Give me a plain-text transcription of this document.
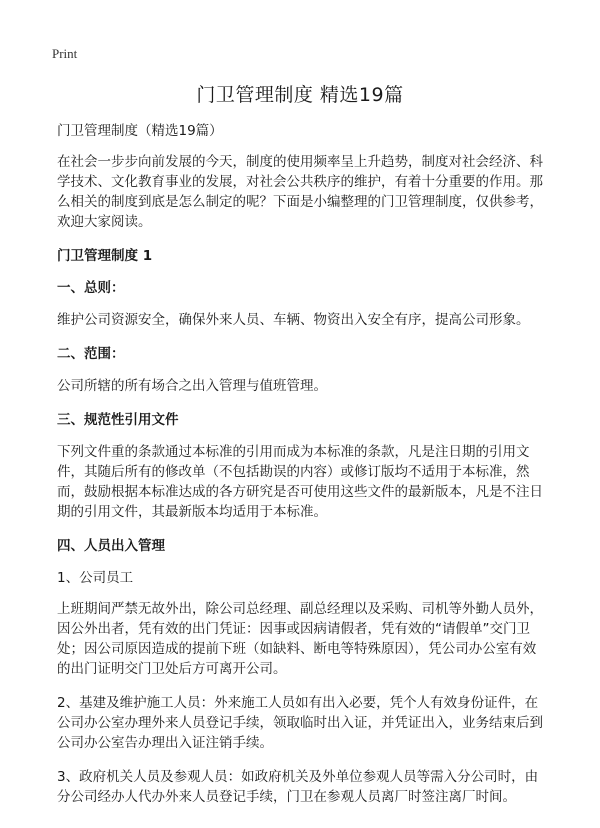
Print
门卫管理制度 精选19篇

门卫管理制度（精选19篇）

在社会一步步向前发展的今天，制度的使用频率呈上升趋势，制度对社会经济、科学技术、文化教育事业的发展，对社会公共秩序的维护，有着十分重要的作用。那么相关的制度到底是怎么制定的呢？下面是小编整理的门卫管理制度，仅供参考，欢迎大家阅读。

门卫管理制度 1

一、总则：

维护公司资源安全，确保外来人员、车辆、物资出入安全有序，提高公司形象。

二、范围：

公司所辖的所有场合之出入管理与值班管理。

三、规范性引用文件

下列文件重的条款通过本标准的引用而成为本标准的条款，凡是注日期的引用文件，其随后所有的修改单（不包括勘误的内容）或修订版均不适用于本标准，然而，鼓励根据本标准达成的各方研究是否可使用这些文件的最新版本，凡是不注日期的引用文件，其最新版本均适用于本标准。

四、人员出入管理

1、公司员工

上班期间严禁无故外出，除公司总经理、副总经理以及采购、司机等外勤人员外，因公外出者，凭有效的出门凭证：因事或因病请假者，凭有效的“请假单”交门卫处；因公司原因造成的提前下班（如缺料、断电等特殊原因），凭公司办公室有效的出门证明交门卫处后方可离开公司。

2、基建及维护施工人员：外来施工人员如有出入必要，凭个人有效身份证件，在公司办公室办理外来人员登记手续，领取临时出入证，并凭证出入，业务结束后到公司办公室告办理出入证注销手续。

3、政府机关人员及参观人员：如政府机关及外单位参观人员等需入分公司时，由分公司经办人代办外来人员登记手续，门卫在参观人员离厂时签注离厂时间。
